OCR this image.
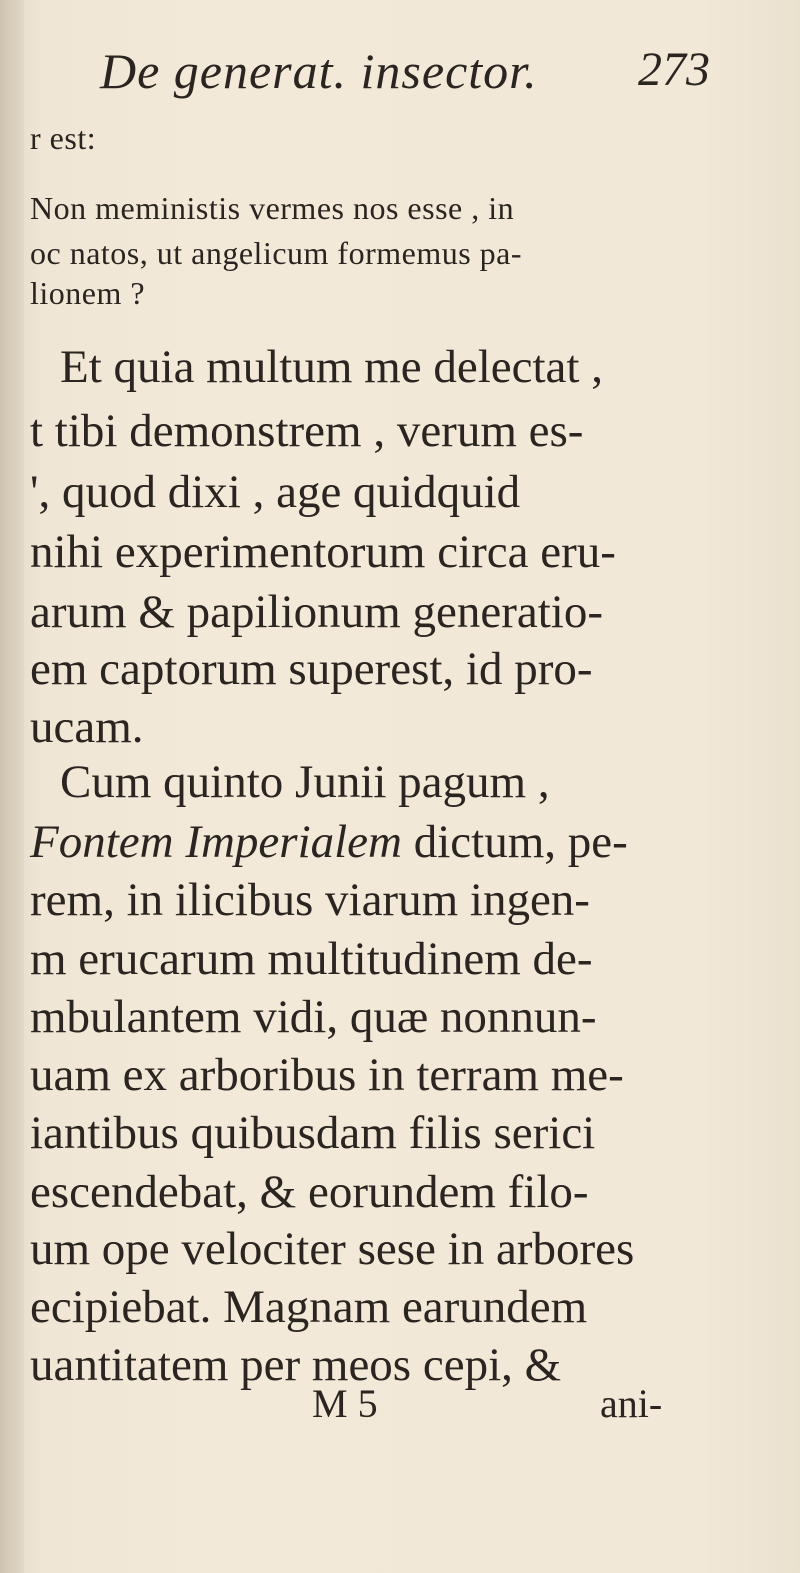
De generat. insector. 273

r est:

Non meministis vermes nos esse , in

oc natos, ut angelicum formemus pa-

lionem ?

Et quia multum me delectat ,

t tibi demonstrem , verum es-

', quod dixi , age quidquid

nihi experimentorum circa eru-

arum & papilionum generatio-

em captorum superest, id pro-

ucam.

Cum quinto Junii pagum ,

Fontem Imperialem dictum, pe-

rem, in ilicibus viarum ingen-

m erucarum multitudinem de-

mbulantem vidi, quæ nonnun-

uam ex arboribus in terram me-

iantibus quibusdam filis serici

escendebat, & eorundem filo-

um ope velociter sese in arbores

ecipiebat. Magnam earundem

uantitatem per meos cepi, &

M 5	ani-
